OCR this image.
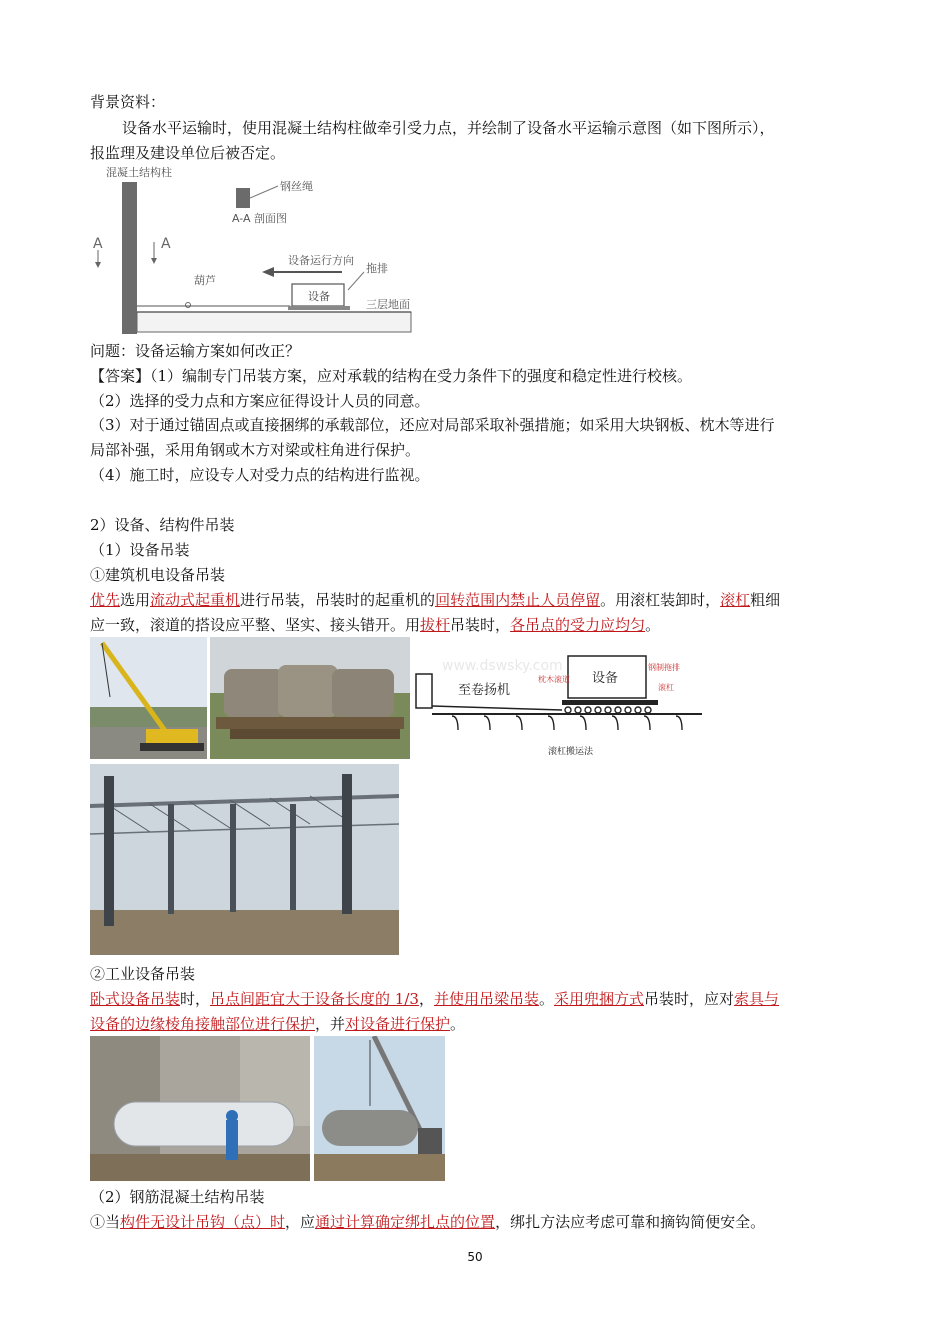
背景资料：
设备水平运输时，使用混凝土结构柱做牵引受力点，并绘制了设备水平运输示意图（如下图所示），
报监理及建设单位后被否定。
混凝土结构柱
A	A
钢丝绳
A-A 剖面图
设备运行方向
拖排
葫芦
设备
三层地面
问题：设备运输方案如何改正？
【答案】（1）编制专门吊装方案，应对承载的结构在受力条件下的强度和稳定性进行校核。
（2）选择的受力点和方案应征得设计人员的同意。
（3）对于通过锚固点或直接捆绑的承载部位，还应对局部采取补强措施；如采用大块钢板、枕木等进行
局部补强，采用角钢或木方对梁或柱角进行保护。
（4）施工时，应设专人对受力点的结构进行监视。
2）设备、结构件吊装
（1）设备吊装
①建筑机电设备吊装
优先选用流动式起重机进行吊装，吊装时的起重机的回转范围内禁止人员停留。用滚杠装卸时，滚杠粗细
应一致，滚道的搭设应平整、坚实、接头错开。用拔杆吊装时，各吊点的受力应均匀。
www.dswsky.com
至卷扬机
设备
枕木滚道
钢制拖排
滚杠
滚杠搬运法
②工业设备吊装
卧式设备吊装时，吊点间距宜大于设备长度的 1/3，并使用吊梁吊装。采用兜捆方式吊装时，应对索具与
设备的边缘棱角接触部位进行保护，并对设备进行保护。
（2）钢筋混凝土结构吊装
①当构件无设计吊钩（点）时，应通过计算确定绑扎点的位置，绑扎方法应考虑可靠和摘钩简便安全。
50
